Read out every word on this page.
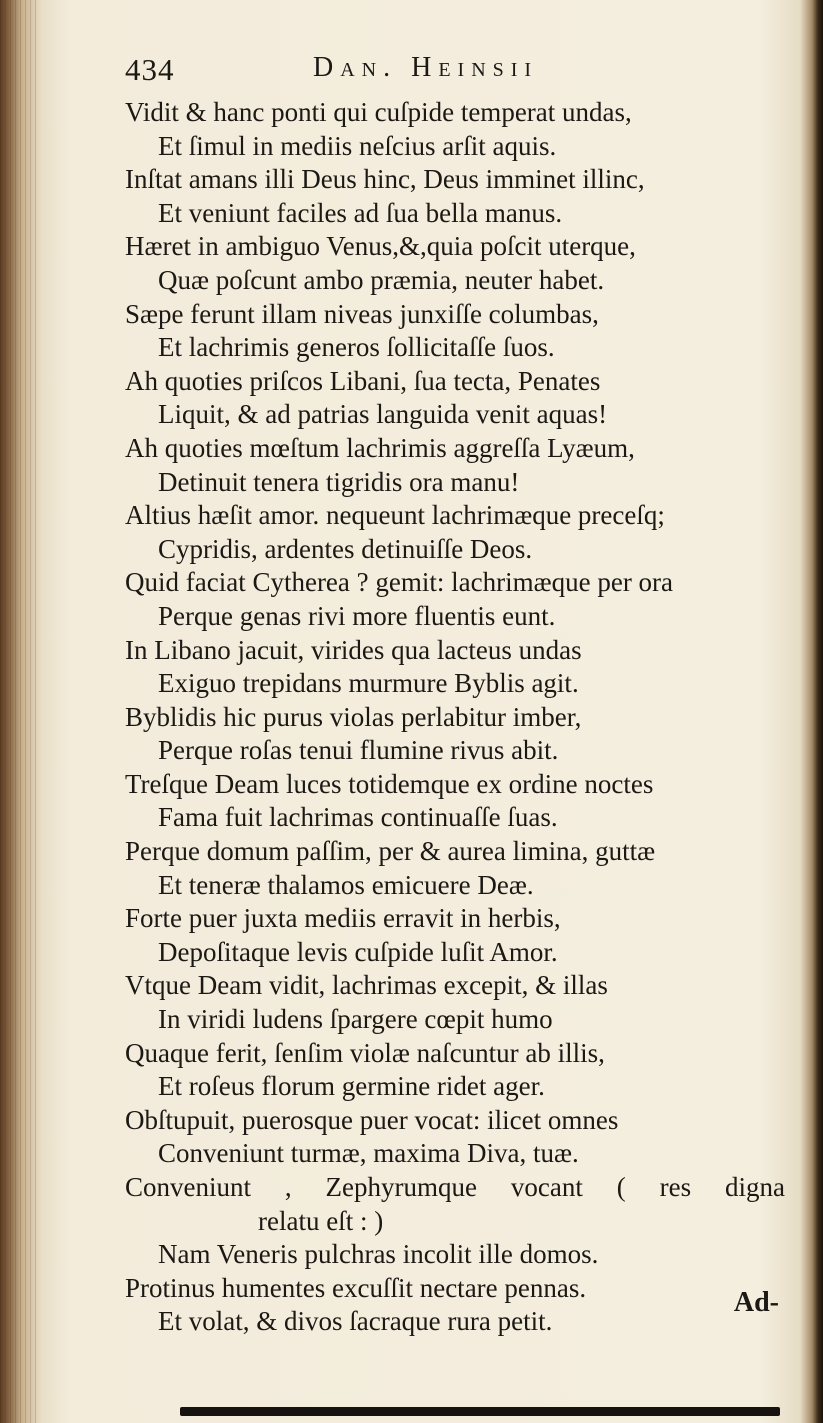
434	Dan. Heinsii
Vidit & hanc ponti qui cuſpide temperat undas,
Et ſimul in mediis neſcius arſit aquis.
Inſtat amans illi Deus hinc, Deus imminet illinc,
Et veniunt faciles ad ſua bella manus.
Hæret in ambiguo Venus,&,quia poſcit uterque,
Quæ poſcunt ambo præmia, neuter habet.
Sæpe ferunt illam niveas junxiſſe columbas,
Et lachrimis generos ſollicitaſſe ſuos.
Ah quoties priſcos Libani, ſua tecta, Penates
Liquit, & ad patrias languida venit aquas!
Ah quoties mœſtum lachrimis aggreſſa Lyæum,
Detinuit tenera tigridis ora manu!
Altius hæſit amor. nequeunt lachrimæque preceſq;
Cypridis, ardentes detinuiſſe Deos.
Quid faciat Cytherea ? gemit: lachrimæque per ora
Perque genas rivi more fluentis eunt.
In Libano jacuit, virides qua lacteus undas
Exiguo trepidans murmure Byblis agit.
Byblidis hic purus violas perlabitur imber,
Perque roſas tenui flumine rivus abit.
Treſque Deam luces totidemque ex ordine noctes
Fama fuit lachrimas continuaſſe ſuas.
Perque domum paſſim, per & aurea limina, guttæ
Et teneræ thalamos emicuere Deæ.
Forte puer juxta mediis erravit in herbis,
Depoſitaque levis cuſpide luſit Amor.
Vtque Deam vidit, lachrimas excepit, & illas
In viridi ludens ſpargere cœpit humo
Quaque ferit, ſenſim violæ naſcuntur ab illis,
Et roſeus florum germine ridet ager.
Obſtupuit, puerosque puer vocat: ilicet omnes
Conveniunt turmæ, maxima Diva, tuæ.
Conveniunt , Zephyrumque vocant ( res digna
relatu eſt : )
Nam Veneris pulchras incolit ille domos.
Protinus humentes excuſſit nectare pennas.
Et volat, & divos ſacraque rura petit.
Ad-
